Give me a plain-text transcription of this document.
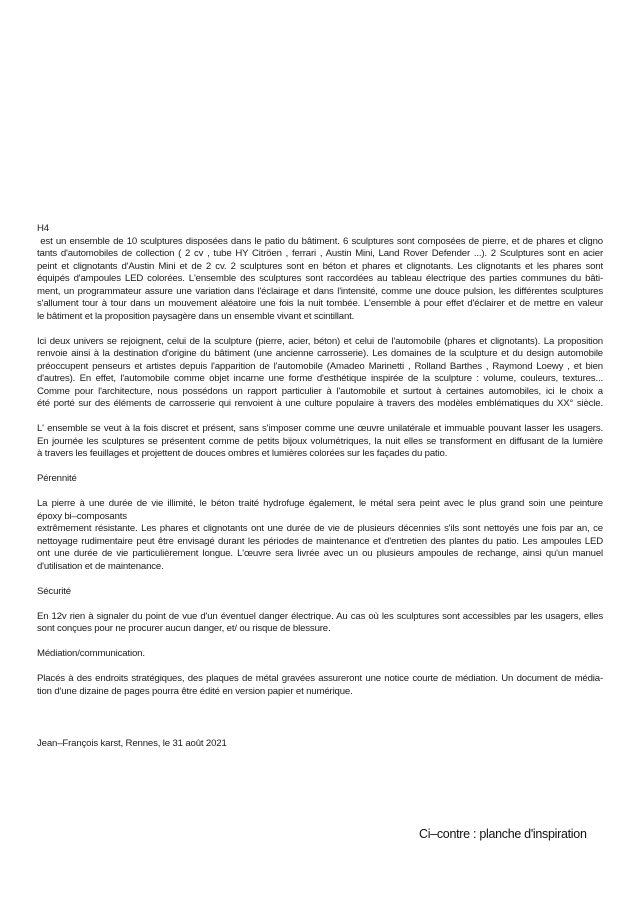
H4
est un ensemble de 10 sculptures disposées dans le patio du bâtiment. 6 sculptures sont composées de pierre, et de phares et cligno
tants d'automobiles de collection ( 2 cv , tube HY Citröen , ferrari , Austin Mini, Land Rover Defender ...). 2 Sculptures sont en acier
peint et clignotants d'Austin Mini et de 2 cv. 2 sculptures sont en béton et phares et clignotants. Les clignotants et les phares sont
équipés d'ampoules LED colorées. L'ensemble des sculptures sont raccordées au tableau électrique des parties communes du bâti-
ment, un programmateur assure une variation dans l'éclairage et dans l'intensité, comme une douce pulsion, les différentes sculptures
s'allument tour à tour dans un mouvement aléatoire une fois la nuit tombée. L'ensemble à pour effet d'éclairer et de mettre en valeur
le bâtiment et la proposition paysagère dans un ensemble vivant et scintillant.
Ici deux univers se rejoignent, celui de la sculpture (pierre, acier, béton) et celui de l'automobile (phares et clignotants). La proposition
renvoie ainsi à la destination d'origine du bâtiment (une ancienne carrosserie). Les domaines de la sculpture et du design automobile
préoccupent penseurs et artistes depuis l'apparition de l'automobile (Amadeo Marinetti , Rolland Barthes , Raymond Loewy , et bien
d'autres). En effet, l'automobile comme objet incarne une forme d'esthétique inspirée de la sculpture : volume, couleurs, textures...
Comme pour l'architecture, nous possédons un rapport particulier à l'automobile et surtout à certaines automobiles, ici le choix a
été porté sur des éléments de carrosserie qui renvoient à une culture populaire à travers des modèles emblématiques du XX° siècle.
L' ensemble se veut à la fois discret et présent, sans s'imposer comme une œuvre unilatérale et immuable pouvant lasser les usagers.
En journée les sculptures se présentent comme de petits bijoux volumétriques, la nuit elles se transforment en diffusant de la lumière
à travers les feuillages et projettent de douces ombres et lumières colorées sur les façades du patio.
Pérennité
La pierre à une durée de vie illimité, le béton traité hydrofuge également, le métal sera peint avec le plus grand soin une peinture
époxy bi–composants
extrêmement résistante. Les phares et clignotants ont une durée de vie de plusieurs décennies s'ils sont nettoyés une fois par an, ce
nettoyage rudimentaire peut être envisagé durant les périodes de maintenance et d'entretien des plantes du patio. Les ampoules LED
ont une durée de vie particulièrement longue. L'œuvre sera livrée avec un ou plusieurs ampoules de rechange, ainsi qu'un manuel
d'utilisation et de maintenance.
Sécurité
En 12v rien à signaler du point de vue d'un éventuel danger électrique. Au cas où les sculptures sont accessibles par les usagers, elles
sont conçues pour ne procurer aucun danger, et/ ou risque de blessure.
Médiation/communication.
Placés à des endroits stratégiques, des plaques de métal gravées assureront une notice courte de médiation. Un document de média-
tion d'une dizaine de pages pourra être édité en version papier et numérique.
Jean–François karst, Rennes, le 31 août 2021
Ci–contre : planche d'inspiration
